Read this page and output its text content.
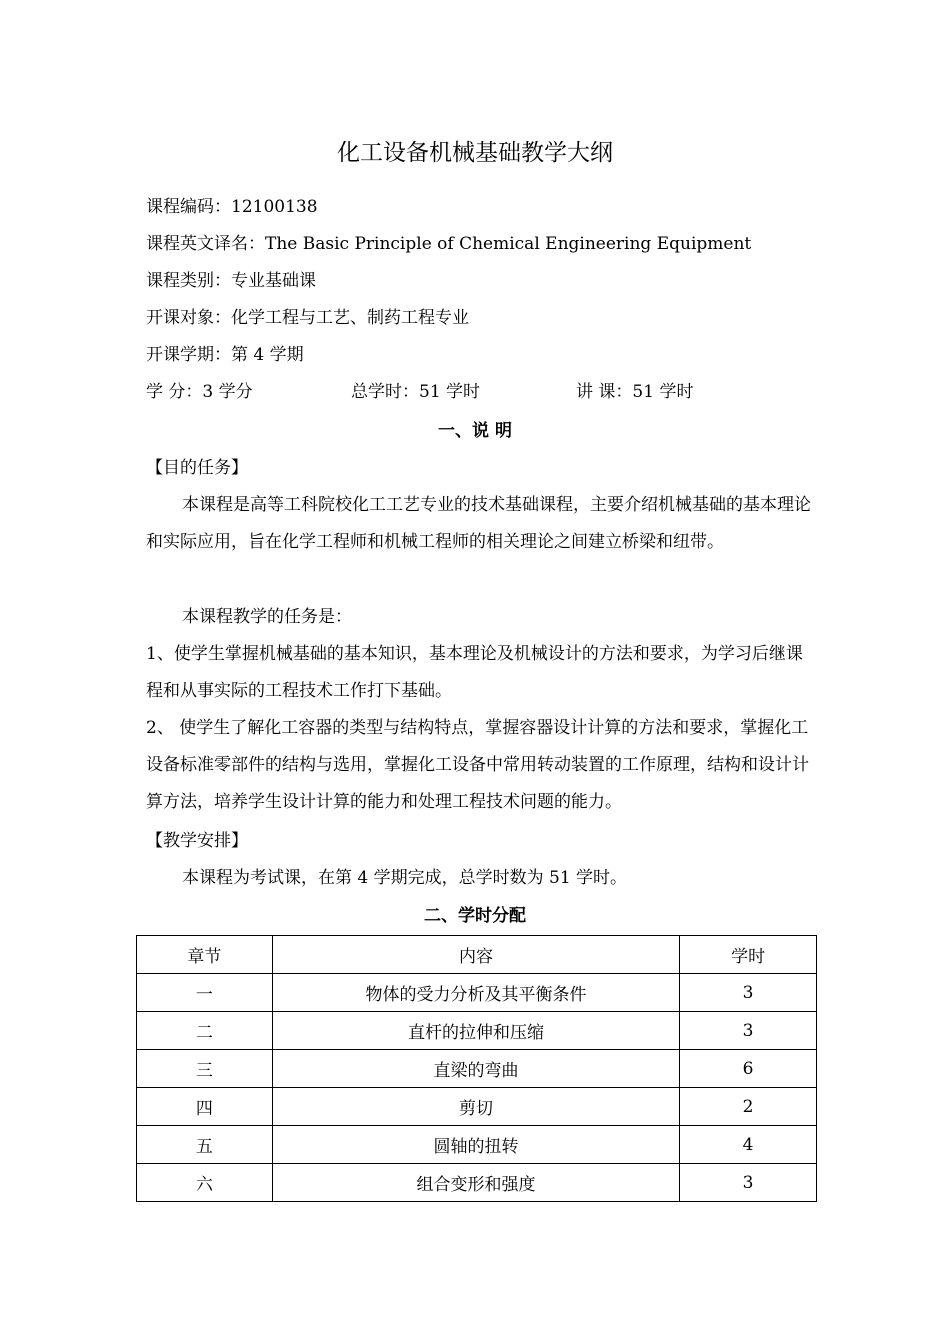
化工设备机械基础教学大纲
课程编码：12100138
课程英文译名：The Basic Principle of Chemical Engineering Equipment
课程类别：专业基础课
开课对象：化学工程与工艺、制药工程专业
开课学期：第 4 学期
学 分：3 学分	总学时：51 学时	讲 课：51 学时
一、说 明
【目的任务】
本课程是高等工科院校化工工艺专业的技术基础课程，主要介绍机械基础的基本理论和实际应用，旨在化学工程师和机械工程师的相关理论之间建立桥梁和纽带。
本课程教学的任务是：
1、使学生掌握机械基础的基本知识，基本理论及机械设计的方法和要求，为学习后继课程和从事实际的工程技术工作打下基础。
2、 使学生了解化工容器的类型与结构特点，掌握容器设计计算的方法和要求，掌握化工设备标准零部件的结构与选用，掌握化工设备中常用转动装置的工作原理，结构和设计计算方法，培养学生设计计算的能力和处理工程技术问题的能力。
【教学安排】
本课程为考试课，在第 4 学期完成，总学时数为 51 学时。
二、学时分配
章节	内容	学时
一	物体的受力分析及其平衡条件	3
二	直杆的拉伸和压缩	3
三	直梁的弯曲	6
四	剪切	2
五	圆轴的扭转	4
六	组合变形和强度	3
